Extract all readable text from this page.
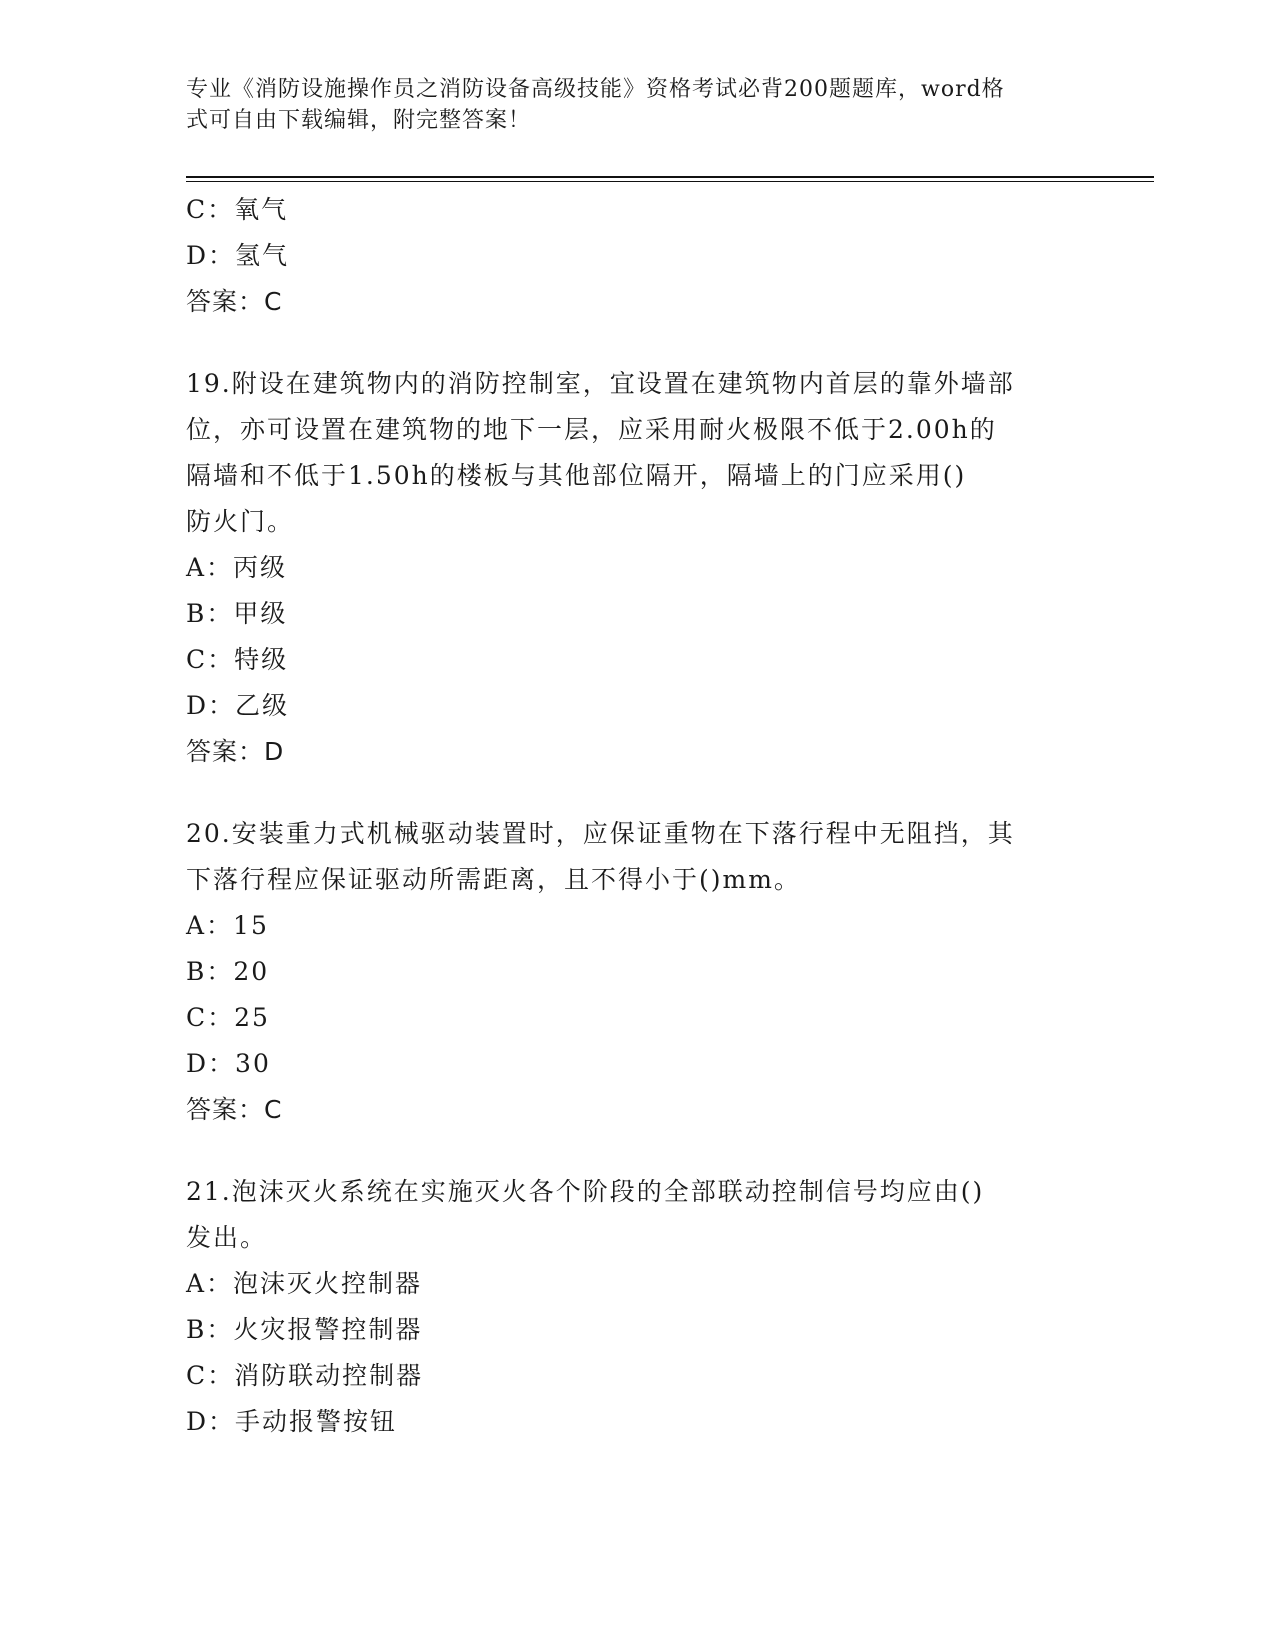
专业《消防设施操作员之消防设备高级技能》资格考试必背200题题库，word格
式可自由下载编辑，附完整答案！
C：氧气
D：氢气
答案：C
19.附设在建筑物内的消防控制室，宜设置在建筑物内首层的靠外墙部
位，亦可设置在建筑物的地下一层，应采用耐火极限不低于2.00h的
隔墙和不低于1.50h的楼板与其他部位隔开，隔墙上的门应采用()
防火门。
A：丙级
B：甲级
C：特级
D：乙级
答案：D
20.安装重力式机械驱动装置时，应保证重物在下落行程中无阻挡，其
下落行程应保证驱动所需距离，且不得小于()mm。
A：15
B：20
C：25
D：30
答案：C
21.泡沫灭火系统在实施灭火各个阶段的全部联动控制信号均应由()
发出。
A：泡沫灭火控制器
B：火灾报警控制器
C：消防联动控制器
D：手动报警按钮
